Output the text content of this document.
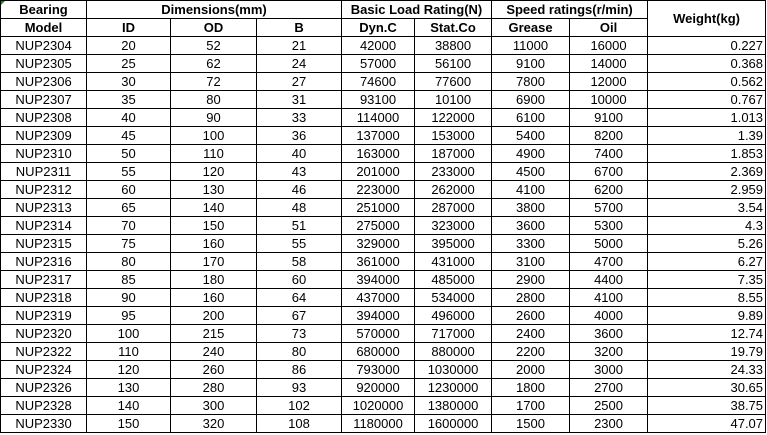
Bearing	Dimensions(mm)			Basic Load Rating(N)		Speed ratings(r/min)		Weight(kg)
Model	ID	OD	B	Dyn.C	Stat.Co	Grease	Oil	
NUP2304	20	52	21	42000	38800	11000	16000	0.227
NUP2305	25	62	24	57000	56100	9100	14000	0.368
NUP2306	30	72	27	74600	77600	7800	12000	0.562
NUP2307	35	80	31	93100	10100	6900	10000	0.767
NUP2308	40	90	33	114000	122000	6100	9100	1.013
NUP2309	45	100	36	137000	153000	5400	8200	1.39
NUP2310	50	110	40	163000	187000	4900	7400	1.853
NUP2311	55	120	43	201000	233000	4500	6700	2.369
NUP2312	60	130	46	223000	262000	4100	6200	2.959
NUP2313	65	140	48	251000	287000	3800	5700	3.54
NUP2314	70	150	51	275000	323000	3600	5300	4.3
NUP2315	75	160	55	329000	395000	3300	5000	5.26
NUP2316	80	170	58	361000	431000	3100	4700	6.27
NUP2317	85	180	60	394000	485000	2900	4400	7.35
NUP2318	90	160	64	437000	534000	2800	4100	8.55
NUP2319	95	200	67	394000	496000	2600	4000	9.89
NUP2320	100	215	73	570000	717000	2400	3600	12.74
NUP2322	110	240	80	680000	880000	2200	3200	19.79
NUP2324	120	260	86	793000	1030000	2000	3000	24.33
NUP2326	130	280	93	920000	1230000	1800	2700	30.65
NUP2328	140	300	102	1020000	1380000	1700	2500	38.75
NUP2330	150	320	108	1180000	1600000	1500	2300	47.07
